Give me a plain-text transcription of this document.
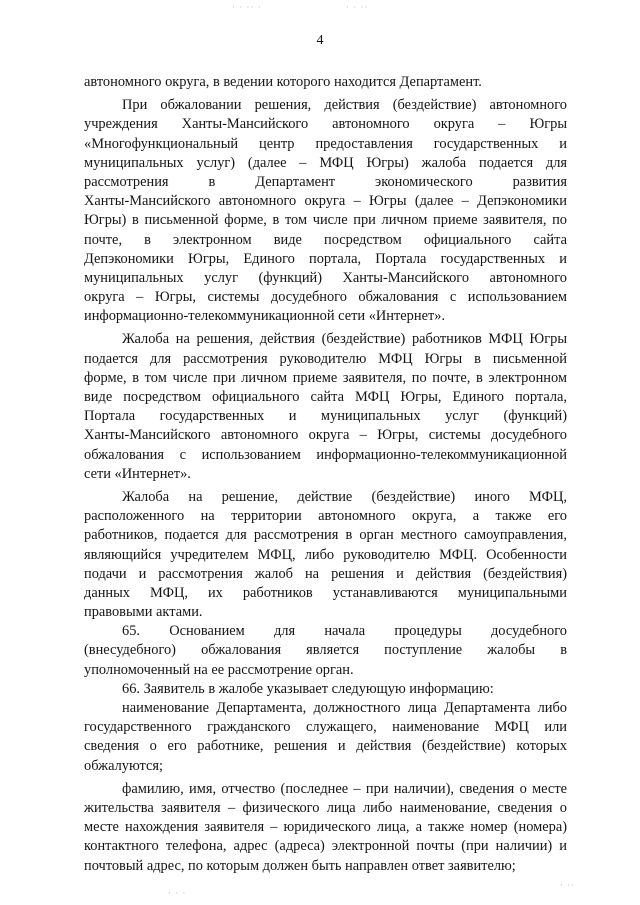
· · ·· ·	· · ··
· · ·
· ··
4
автономного округа, в ведении которого находится Департамент.
При обжаловании решения, действия (бездействие) автономного
учреждения Ханты-Мансийского автономного округа – Югры
«Многофункциональный центр предоставления государственных и
муниципальных услуг) (далее – МФЦ Югры) жалоба подается для
рассмотрения в Департамент экономического развития
Ханты-Мансийского автономного округа – Югры (далее – Депэкономики
Югры) в письменной форме, в том числе при личном приеме заявителя, по
почте, в электронном виде посредством официального сайта
Депэкономики Югры, Единого портала, Портала государственных и
муниципальных услуг (функций) Ханты-Мансийского автономного
округа – Югры, системы досудебного обжалования с использованием
информационно-телекоммуникационной сети «Интернет».
Жалоба на решения, действия (бездействие) работников МФЦ Югры
подается для рассмотрения руководителю МФЦ Югры в письменной
форме, в том числе при личном приеме заявителя, по почте, в электронном
виде посредством официального сайта МФЦ Югры, Единого портала,
Портала государственных и муниципальных услуг (функций)
Ханты-Мансийского автономного округа – Югры, системы досудебного
обжалования с использованием информационно-телекоммуникационной
сети «Интернет».
Жалоба на решение, действие (бездействие) иного МФЦ,
расположенного на территории автономного округа, а также его
работников, подается для рассмотрения в орган местного самоуправления,
являющийся учредителем МФЦ, либо руководителю МФЦ. Особенности
подачи и рассмотрения жалоб на решения и действия (бездействия)
данных МФЦ, их работников устанавливаются муниципальными
правовыми актами.
65. Основанием для начала процедуры досудебного
(внесудебного) обжалования является поступление жалобы в
уполномоченный на ее рассмотрение орган.
66. Заявитель в жалобе указывает следующую информацию:
наименование Департамента, должностного лица Департамента либо
государственного гражданского служащего, наименование МФЦ или
сведения о его работнике, решения и действия (бездействие) которых
обжалуются;
фамилию, имя, отчество (последнее – при наличии), сведения о месте
жительства заявителя – физического лица либо наименование, сведения о
месте нахождения заявителя – юридического лица, а также номер (номера)
контактного телефона, адрес (адреса) электронной почты (при наличии) и
почтовый адрес, по которым должен быть направлен ответ заявителю;
